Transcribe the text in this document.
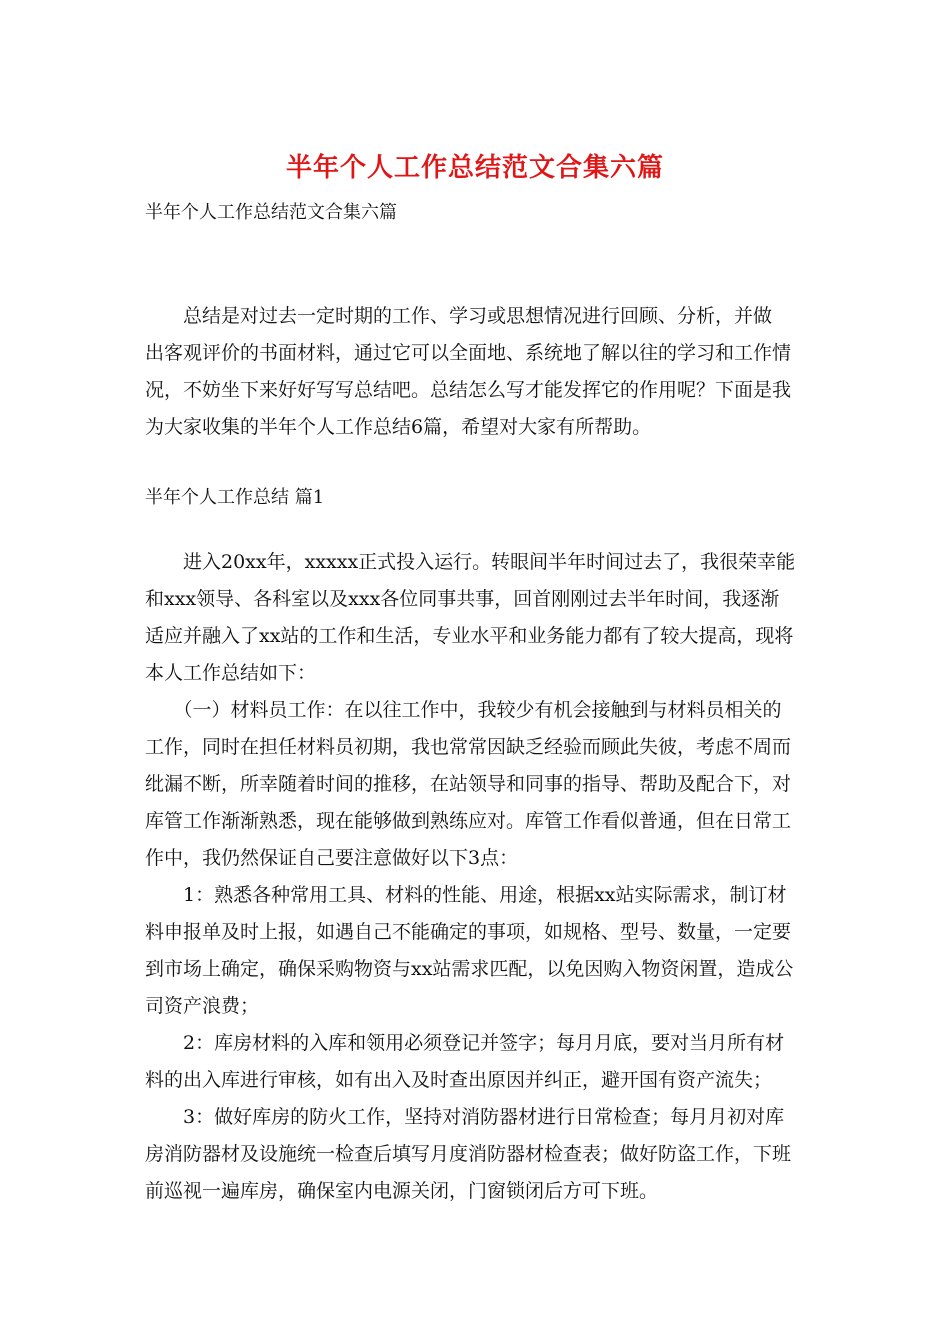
半年个人工作总结范文合集六篇
半年个人工作总结范文合集六篇
　　总结是对过去一定时期的工作、学习或思想情况进行回顾、分析，并做
出客观评价的书面材料，通过它可以全面地、系统地了解以往的学习和工作情
况，不妨坐下来好好写写总结吧。总结怎么写才能发挥它的作用呢？下面是我
为大家收集的半年个人工作总结6篇，希望对大家有所帮助。
半年个人工作总结 篇1
　　进入20xx年，xxxxx正式投入运行。转眼间半年时间过去了，我很荣幸能
和xxx领导、各科室以及xxx各位同事共事，回首刚刚过去半年时间，我逐渐
适应并融入了xx站的工作和生活，专业水平和业务能力都有了较大提高，现将
本人工作总结如下：
　　（一）材料员工作：在以往工作中，我较少有机会接触到与材料员相关的
工作，同时在担任材料员初期，我也常常因缺乏经验而顾此失彼，考虑不周而
纰漏不断，所幸随着时间的推移，在站领导和同事的指导、帮助及配合下，对
库管工作渐渐熟悉，现在能够做到熟练应对。库管工作看似普通，但在日常工
作中，我仍然保证自己要注意做好以下3点：
　　1：熟悉各种常用工具、材料的性能、用途，根据xx站实际需求，制订材
料申报单及时上报，如遇自己不能确定的事项，如规格、型号、数量，一定要
到市场上确定，确保采购物资与xx站需求匹配，以免因购入物资闲置，造成公
司资产浪费；
　　2：库房材料的入库和领用必须登记并签字；每月月底，要对当月所有材
料的出入库进行审核，如有出入及时查出原因并纠正，避开国有资产流失；
　　3：做好库房的防火工作，坚持对消防器材进行日常检查；每月月初对库
房消防器材及设施统一检查后填写月度消防器材检查表；做好防盗工作，下班
前巡视一遍库房，确保室内电源关闭，门窗锁闭后方可下班。
